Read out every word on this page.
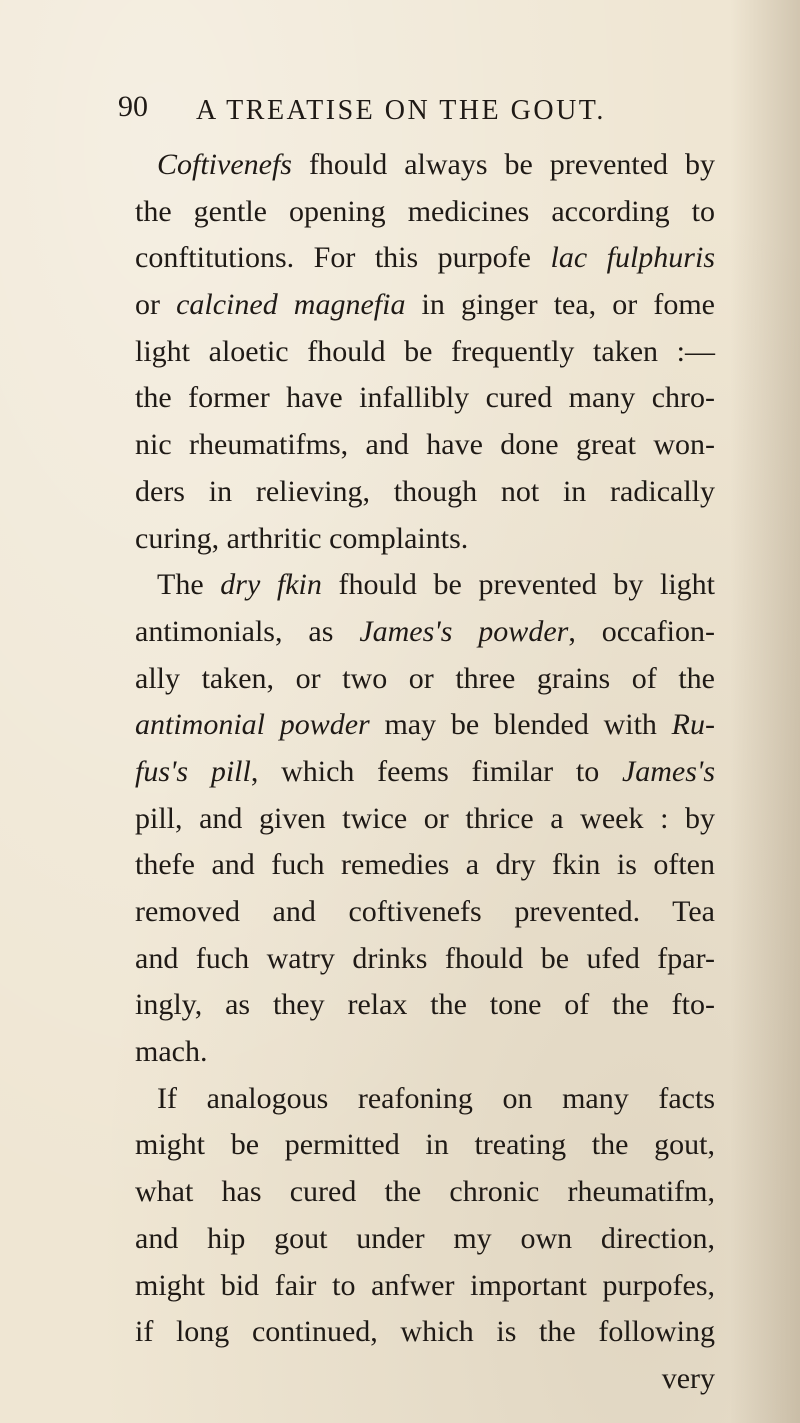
90 A TREATISE ON THE GOUT.
Coftivenefs fhould always be prevented by
the gentle opening medicines according to
conftitutions. For this purpofe lac fulphuris
or calcined magnefia in ginger tea, or fome
light aloetic fhould be frequently taken :—
the former have infallibly cured many chro-
nic rheumatifms, and have done great won-
ders in relieving, though not in radically
curing, arthritic complaints.
The dry fkin fhould be prevented by light
antimonials, as James's powder, occafion-
ally taken, or two or three grains of the
antimonial powder may be blended with Ru-
fus's pill, which feems fimilar to James's
pill, and given twice or thrice a week : by
thefe and fuch remedies a dry fkin is often
removed and coftivenefs prevented. Tea
and fuch watry drinks fhould be ufed fpar-
ingly, as they relax the tone of the fto-
mach.
If analogous reafoning on many facts
might be permitted in treating the gout,
what has cured the chronic rheumatifm,
and hip gout under my own direction,
might bid fair to anfwer important purpofes,
if long continued, which is the following
very
